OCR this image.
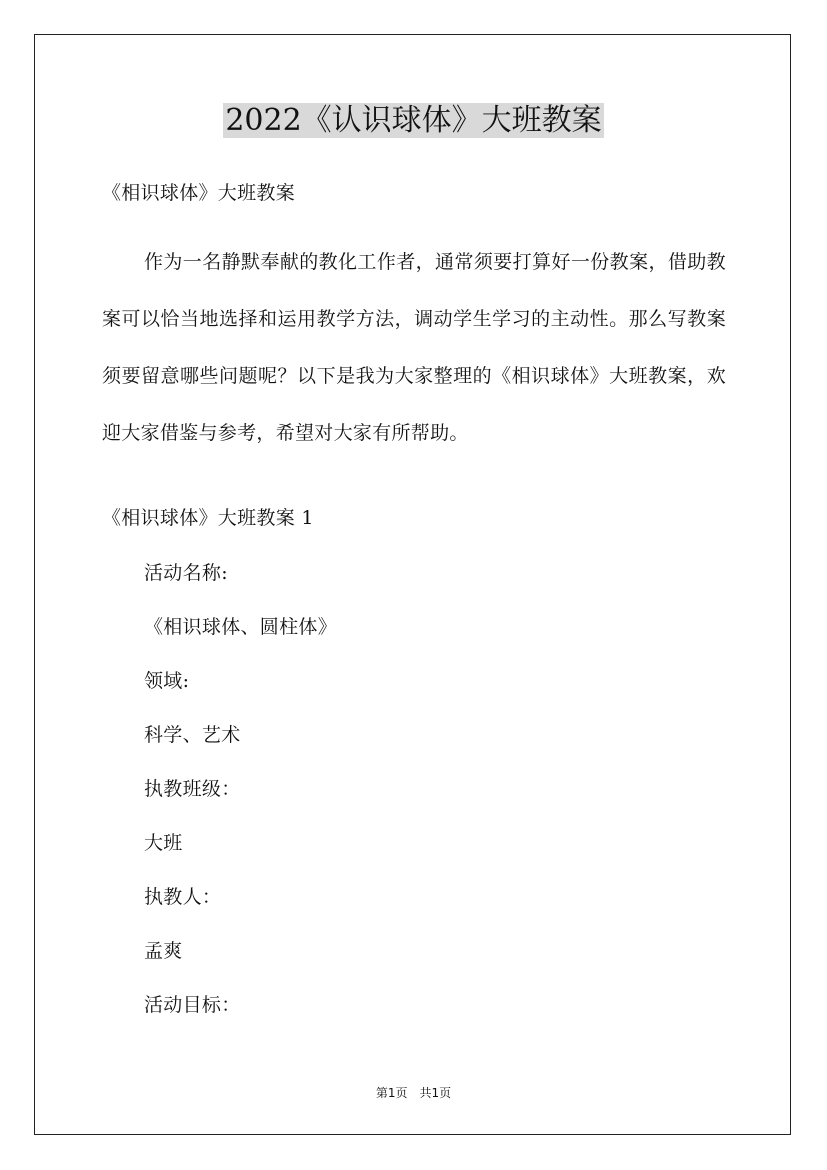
2022《认识球体》大班教案
《相识球体》大班教案
作为一名静默奉献的教化工作者，通常须要打算好一份教案，借助教案可以恰当地选择和运用教学方法，调动学生学习的主动性。那么写教案须要留意哪些问题呢？以下是我为大家整理的《相识球体》大班教案，欢迎大家借鉴与参考，希望对大家有所帮助。
《相识球体》大班教案 1
活动名称:
《相识球体、圆柱体》
领域:
科学、艺术
执教班级：
大班
执教人：
孟爽
活动目标：
第1页 共1页
